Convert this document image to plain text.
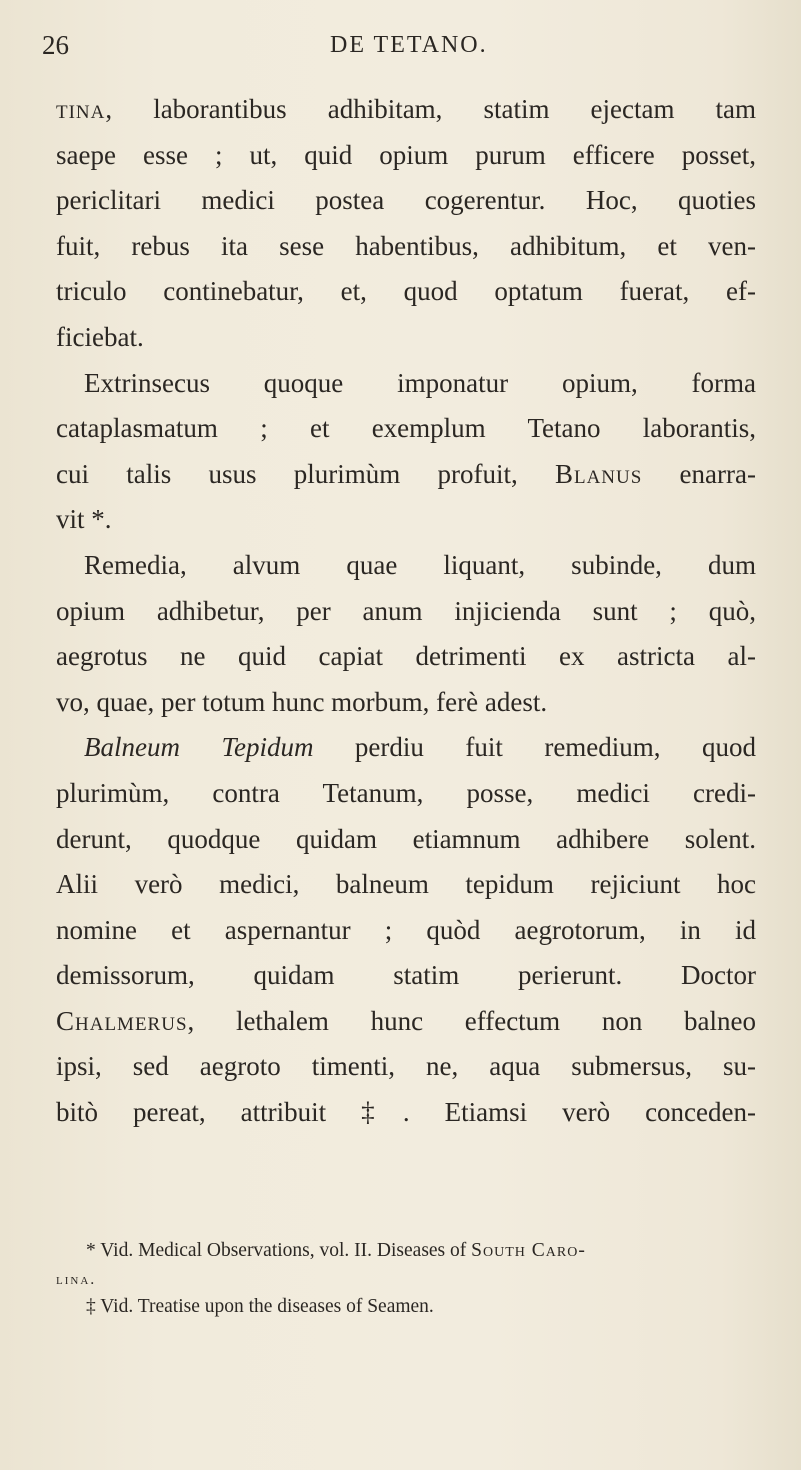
26	DE TETANO.
tina, laborantibus adhibitam, statim ejectam tam
saepe esse ; ut, quid opium purum efficere posset,
periclitari medici postea cogerentur. Hoc, quoties
fuit, rebus ita sese habentibus, adhibitum, et ven-
triculo continebatur, et, quod optatum fuerat, ef-
ficiebat.
Extrinsecus quoque imponatur opium, forma
cataplasmatum ; et exemplum Tetano laborantis,
cui talis usus plurimùm profuit, Blanus enarra-
vit *.
Remedia, alvum quae liquant, subinde, dum
opium adhibetur, per anum injicienda sunt ; quò,
aegrotus ne quid capiat detrimenti ex astricta al-
vo, quae, per totum hunc morbum, ferè adest.
Balneum Tepidum perdiu fuit remedium, quod
plurimùm, contra Tetanum, posse, medici credi-
derunt, quodque quidam etiamnum adhibere solent.
Alii verò medici, balneum tepidum rejiciunt hoc
nomine et aspernantur ; quòd aegrotorum, in id
demissorum, quidam statim perierunt. Doctor
Chalmerus, lethalem hunc effectum non balneo
ipsi, sed aegroto timenti, ne, aqua submersus, su-
bitò pereat, attribuit ‡. Etiamsi verò conceden-
* Vid. Medical Observations, vol. II. Diseases of South Caro-
lina.
‡ Vid. Treatise upon the diseases of Seamen.
